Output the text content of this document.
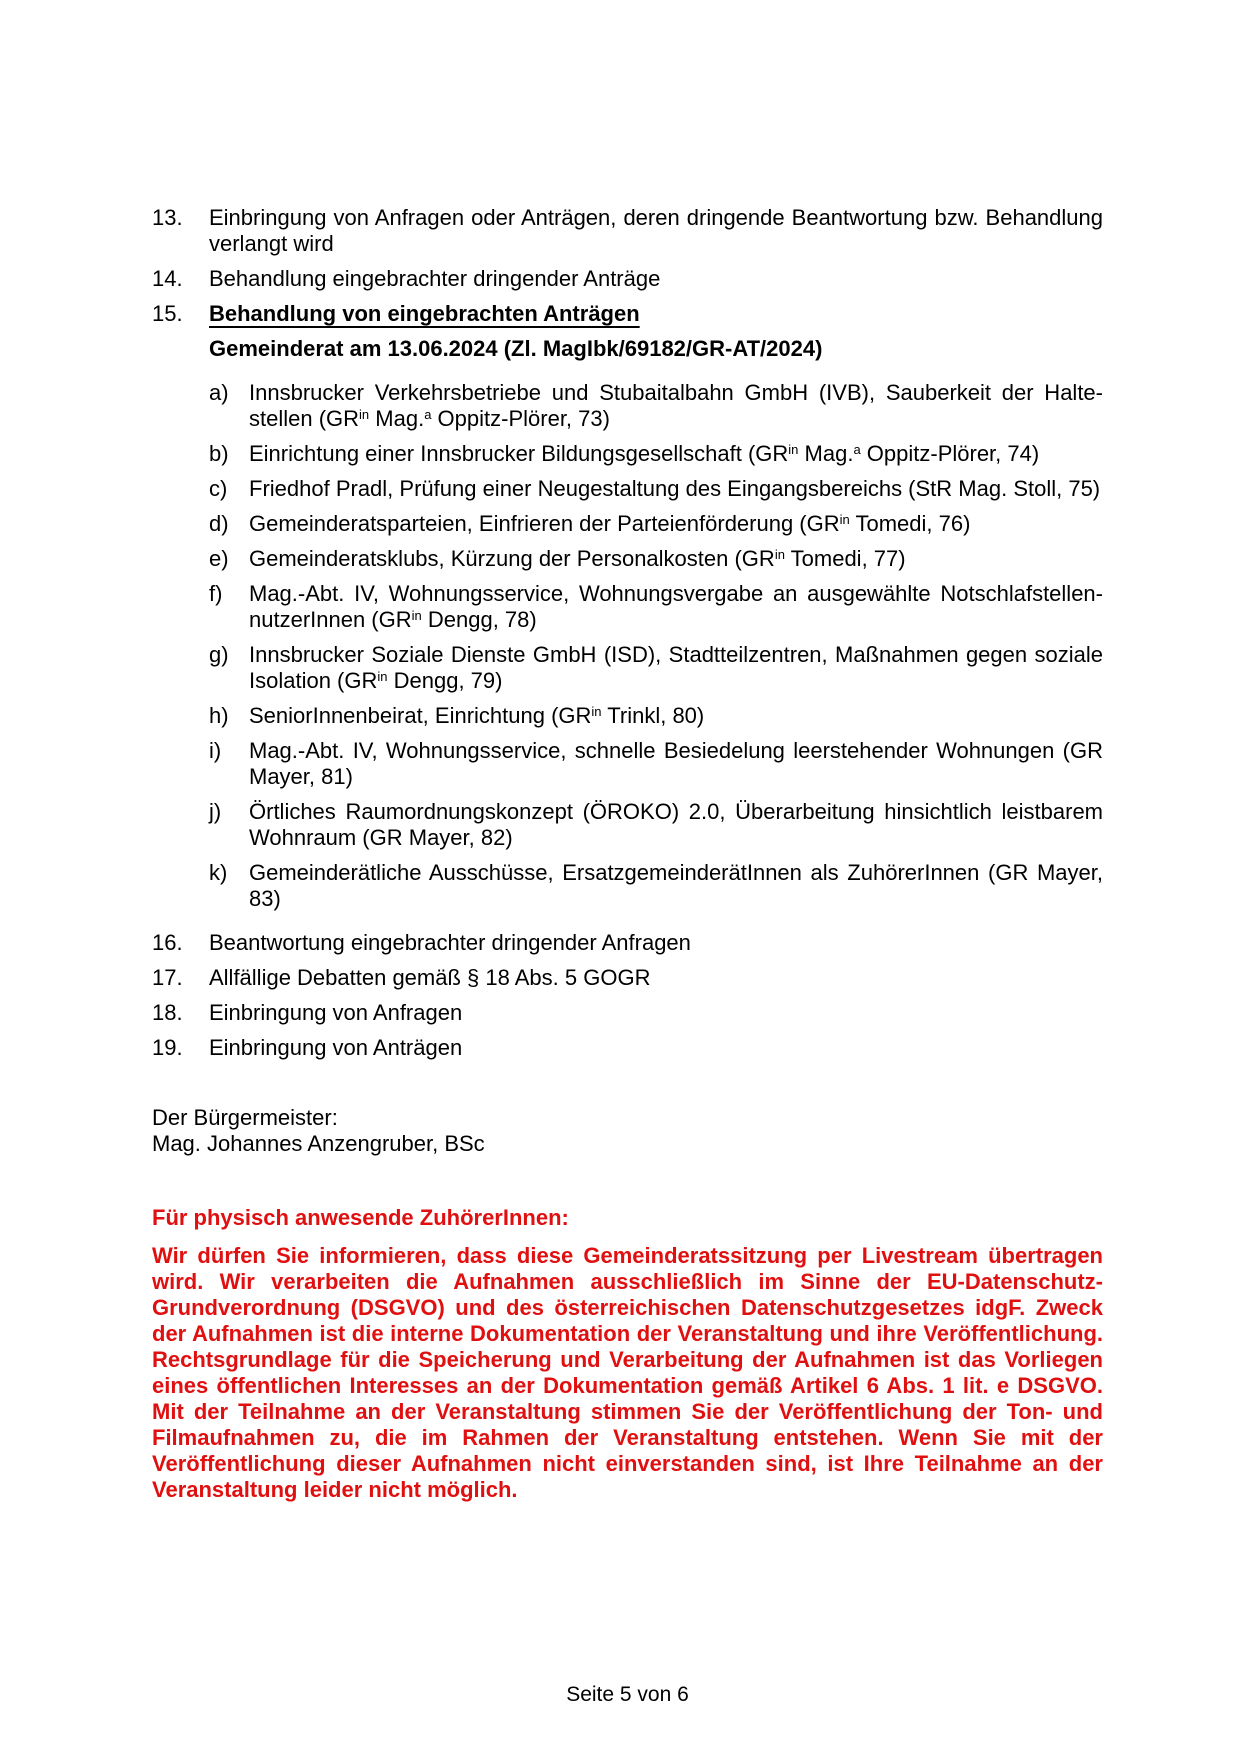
13.	Einbringung von Anfragen oder Anträgen, deren dringende Beantwortung bzw. Behandlung verlangt wird
14.	Behandlung eingebrachter dringender Anträge
15.	Behandlung von eingebrachten Anträgen
Gemeinderat am 13.06.2024 (Zl. MagIbk/69182/GR-AT/2024)
a) Innsbrucker Verkehrsbetriebe und Stubaitalbahn GmbH (IVB), Sauberkeit der Haltestellen ($GR^{in}$ Mag.$^a$ Oppitz-Plörer, 73)
b) Einrichtung einer Innsbrucker Bildungsgesellschaft ($GR^{in}$ Mag.$^a$ Oppitz-Plörer, 74)
c) Friedhof Pradl, Prüfung einer Neugestaltung des Eingangsbereichs (StR Mag. Stoll, 75)
d) Gemeinderatsparteien, Einfrieren der Parteienförderung ($GR^{in}$ Tomedi, 76)
e) Gemeinderatsklubs, Kürzung der Personalkosten ($GR^{in}$ Tomedi, 77)
f)	Mag.-Abt. IV, Wohnungsservice, Wohnungsvergabe an ausgewählte NotschlafstellennutzerInnen ($GR^{in}$ Dengg, 78)
g) Innsbrucker Soziale Dienste GmbH (ISD), Stadtteilzentren, Maßnahmen gegen soziale Isolation ($GR^{in}$ Dengg, 79)
h) SeniorInnenbeirat, Einrichtung ($GR^{in}$ Trinkl, 80)
i)	Mag.-Abt. IV, Wohnungsservice, schnelle Besiedelung leerstehender Wohnungen (GR Mayer, 81)
j)	Örtliches Raumordnungskonzept (ÖROKO) 2.0, Überarbeitung hinsichtlich leistbarem Wohnraum (GR Mayer, 82)
k) Gemeinderätliche Ausschüsse, ErsatzgemeinderätInnen als ZuhörerInnen (GR Mayer, 83)
16.	Beantwortung eingebrachter dringender Anfragen
17.	Allfällige Debatten gemäß § 18 Abs. 5 GOGR
18.	Einbringung von Anfragen
19.	Einbringung von Anträgen
Der Bürgermeister:
Mag. Johannes Anzengruber, BSc
Für physisch anwesende ZuhörerInnen:
Wir dürfen Sie informieren, dass diese Gemeinderatssitzung per Livestream übertragen wird. Wir verarbeiten die Aufnahmen ausschließlich im Sinne der EU-Datenschutz-Grundverordnung (DSGVO) und des österreichischen Datenschutzgesetzes idgF. Zweck der Aufnahmen ist die interne Dokumentation der Veranstaltung und ihre Veröffentlichung. Rechtsgrundlage für die Speicherung und Verarbeitung der Aufnahmen ist das Vorliegen eines öffentlichen Interesses an der Dokumentation gemäß Artikel 6 Abs. 1 lit. e DSGVO. Mit der Teilnahme an der Veranstaltung stimmen Sie der Veröffentlichung der Ton- und Filmaufnahmen zu, die im Rahmen der Veranstaltung entstehen. Wenn Sie mit der Veröffentlichung dieser Aufnahmen nicht einverstanden sind, ist Ihre Teilnahme an der Veranstaltung leider nicht möglich.
Seite 5 von 6
